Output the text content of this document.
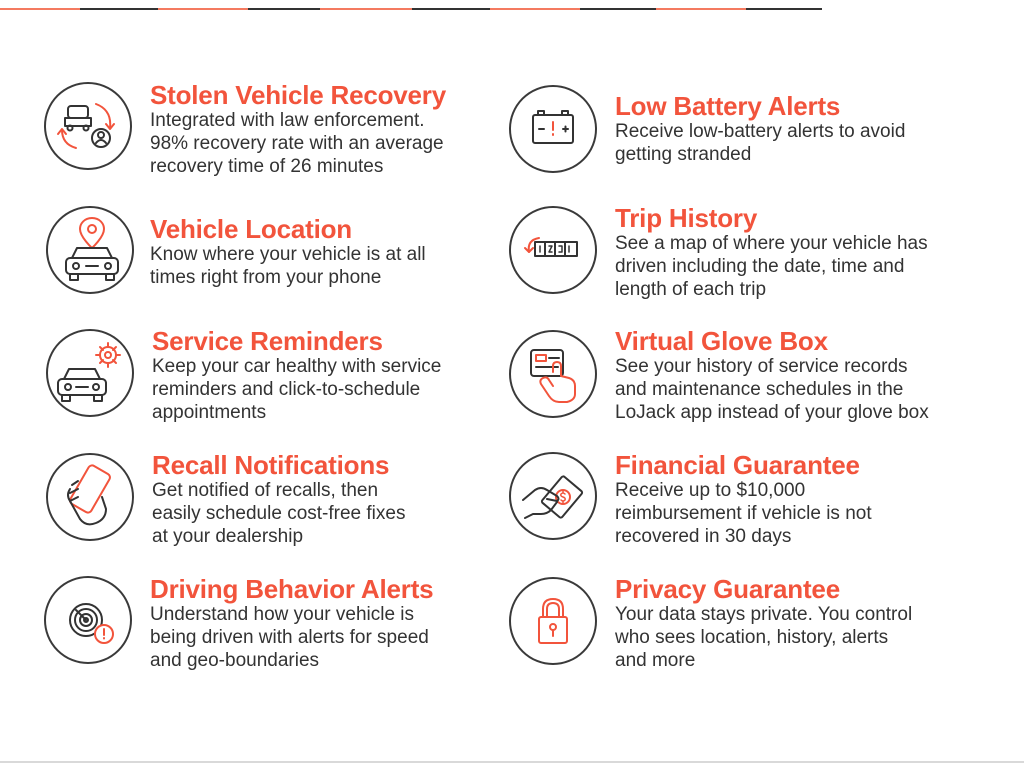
Stolen Vehicle Recovery
Integrated with law enforcement.
98% recovery rate with an average
recovery time of 26 minutes
Vehicle Location
Know where your vehicle is at all
times right from your phone
Service Reminders
Keep your car healthy with service
reminders and click-to-schedule
appointments
Recall Notifications
Get notified of recalls, then
easily schedule cost-free fixes
at your dealership
Driving Behavior Alerts
Understand how your vehicle is
being driven with alerts for speed
and geo-boundaries
Low Battery Alerts
Receive low-battery alerts to avoid
getting stranded
Trip History
See a map of where your vehicle has
driven including the date, time and
length of each trip
Virtual Glove Box
See your history of service records
and maintenance schedules in the
LoJack app instead of your glove box
Financial Guarantee
Receive up to $10,000
reimbursement if vehicle is not
recovered in 30 days
Privacy Guarantee
Your data stays private. You control
who sees location, history, alerts
and more
